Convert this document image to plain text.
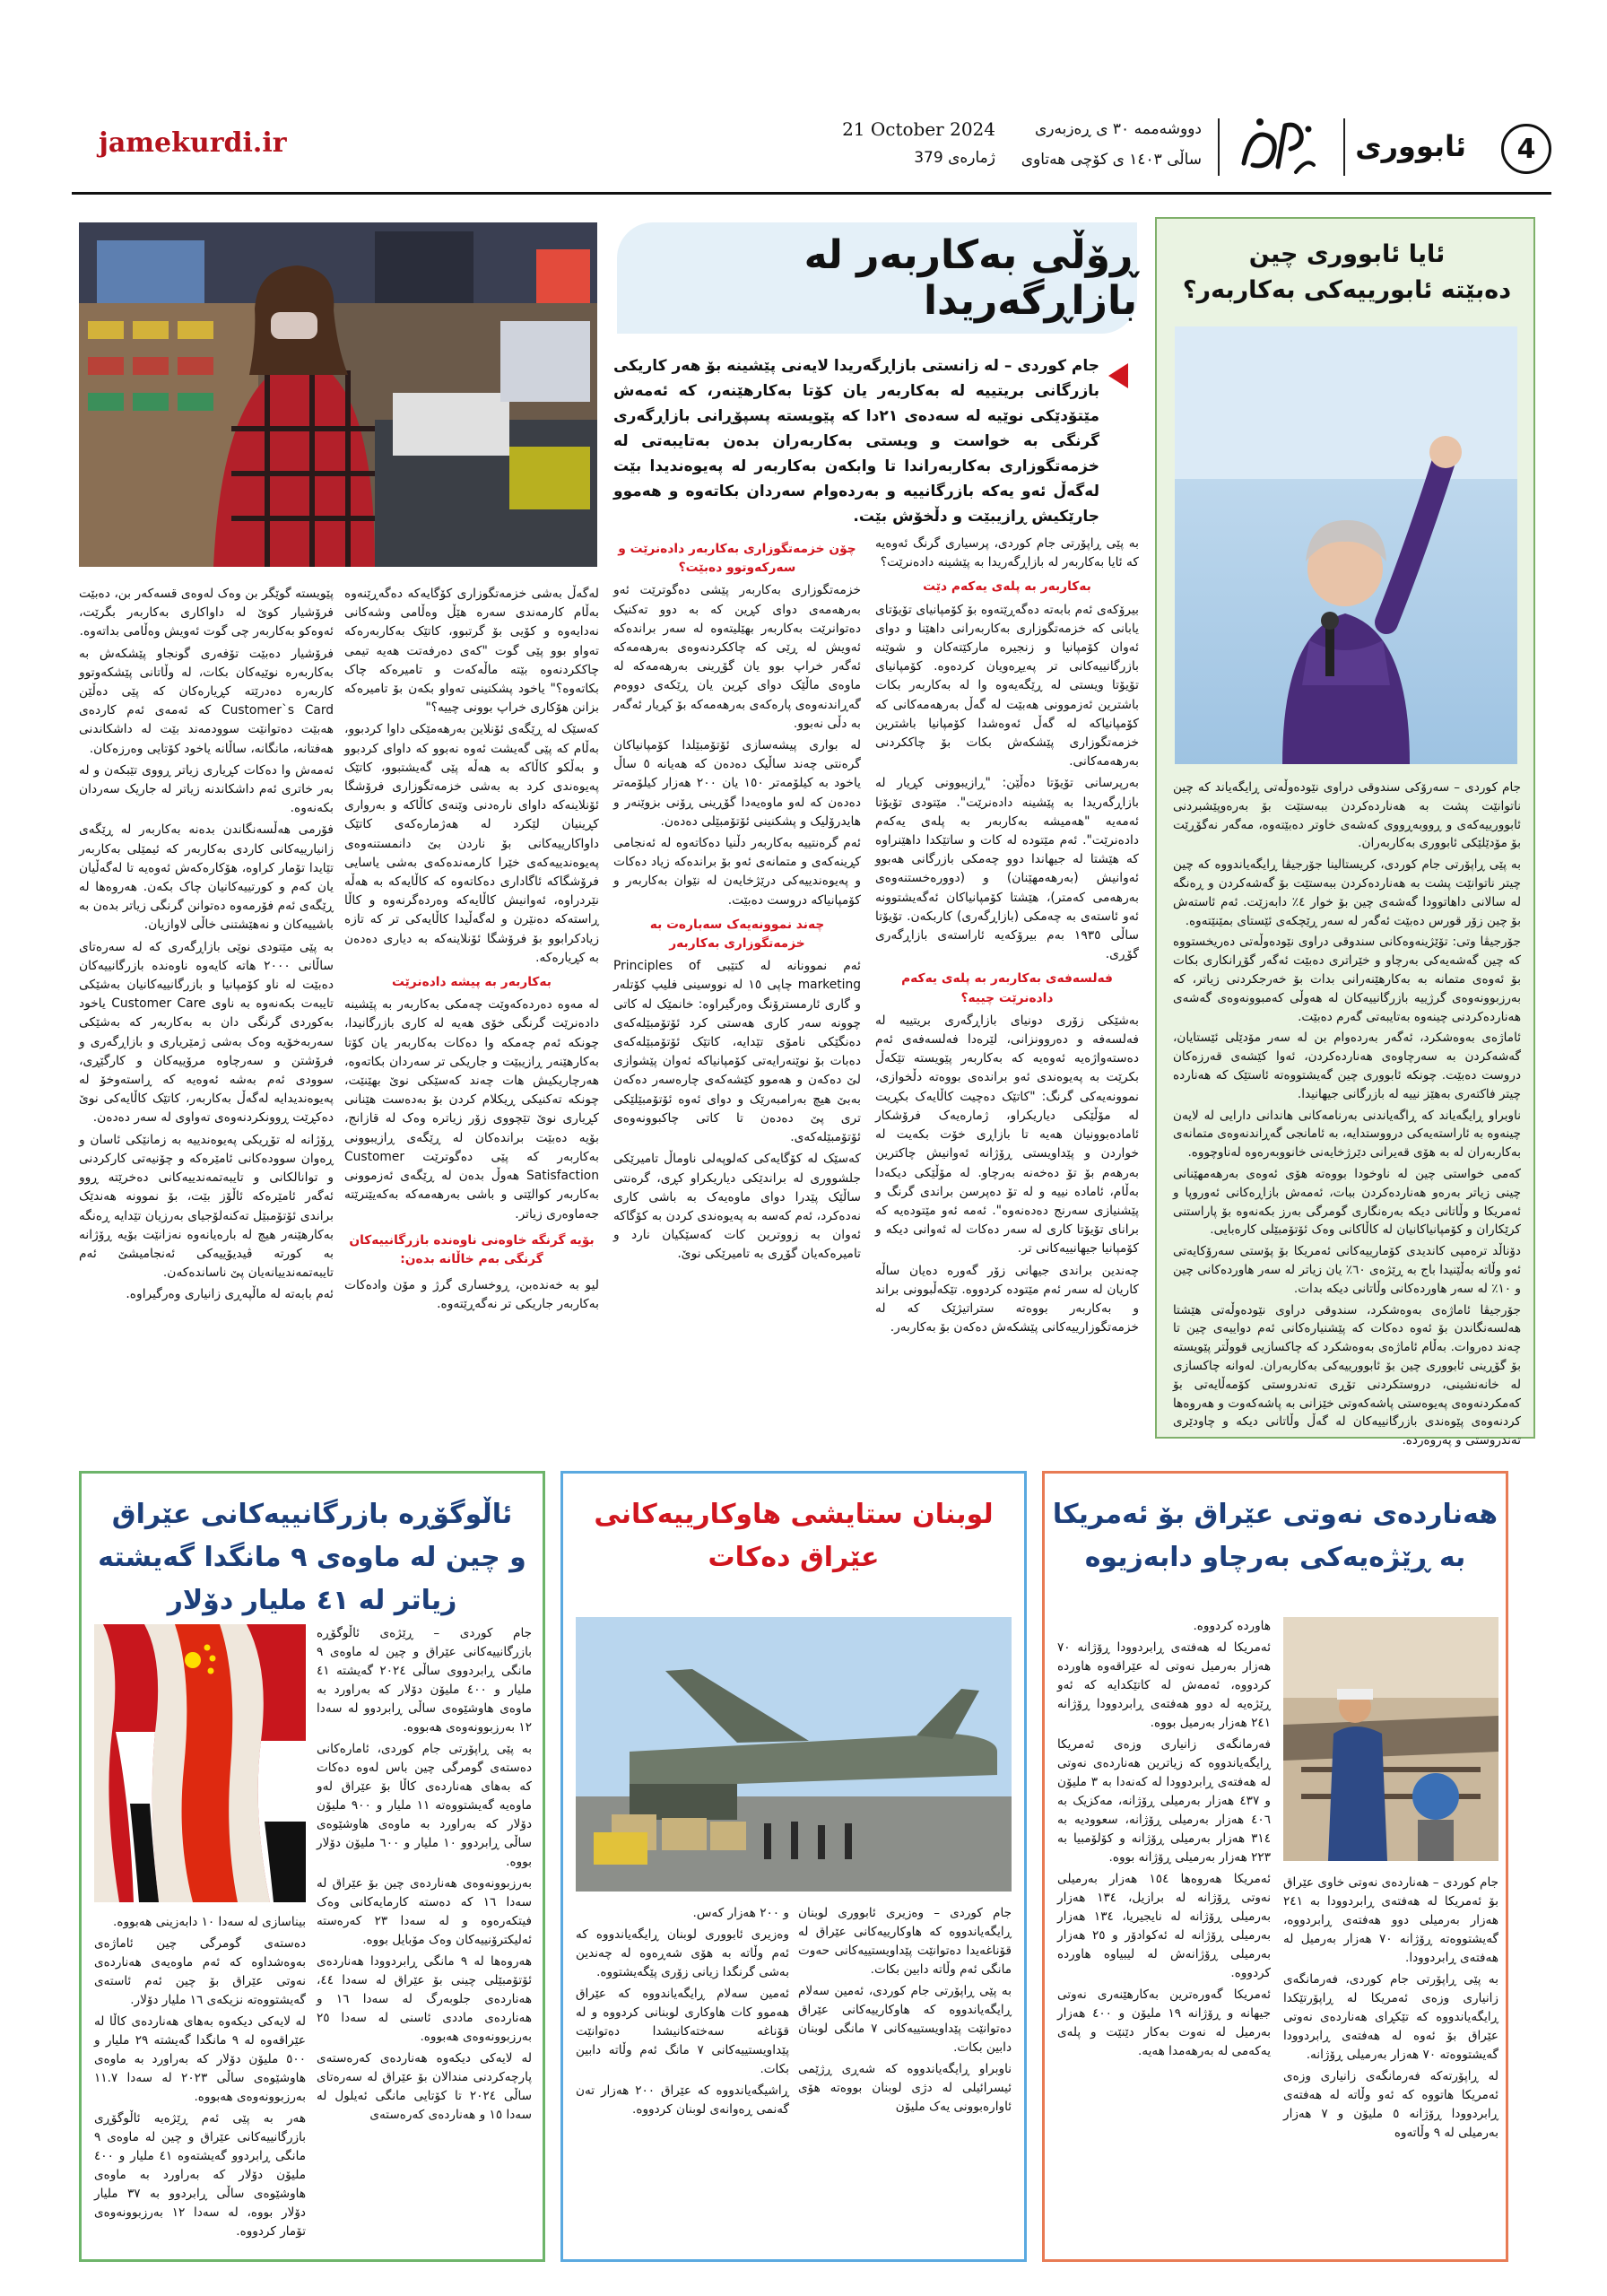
4
ئابووری
دووشەممە ٣٠ ی ڕەزبەری
ساڵی ١٤٠٣ ی کۆچی هەتاوی
21 October 2024
ژمارەی 379
jamekurdi.ir
ئایا ئابووری چین
دەبێتە ئابورییەکی بەکاربەر؟
جام کوردی – سەرۆکی سندوقی دراوی نێودەوڵەتی ڕایگەیاند کە چین ناتوانێت پشت بە هەناردەکردن ببەستێت بۆ بەرەوپێشبردنی ئابوورییەکەی و ڕووبەڕووی کەشەی خاوتر دەبێتەوە، مەگەر نەگۆڕێت بۆ مۆدێلێکی ئابووری بەکاربەران.
بە پێی ڕاپۆرتی جام کوردی، کریستالینا جۆرجیڤا ڕایگەیاندووە کە چین چیتر ناتوانێت پشت بە هەناردەکردن ببەستێت بۆ گەشەکردن و ڕەنگە لە سالانی داهاتوودا گەشەی چین بۆ خوار ٤٪ دابەزێت. ئەم ئاستەش بۆ چین زۆر قورس دەبێت ئەگەر لە سەر ڕێچکەی ئێستای بمێنێتەوە.
جۆرجیڤا وتی: تۆێژینەوەکانی سندوقی دراوی نێودەوڵەتی دەریخستووە کە چین گەشەیەکی بەرچاو و خێراتری دەبێت ئەگەر گۆڕانکاری بکات بۆ ئەوەی متمانە بە بەکارهێنەرانی بدات بۆ خەرجکردنی زیاتر، کە بەرزبوونەوەی گرژییە بازرگانییەکان لە هەوڵی کەمبوونەوەی گەشەی هەناردەکردنی چینەوە بەتایبەتی گەرم دەبێت.
ئاماژەی بەوەشکرد، ئەگەر بەردەوام بن لە سەر مۆدێلی ئێستایان، گەشەکردن بە سەرچاوەی هەناردەکردن، ئەوا کێشەی قەرزەکان دروست دەبێت. چونکە ئابووری چین گەیشتووەتە ئاستێک کە هەناردە چیتر فاکتەری بەهێز نییە لە بازرگانی جیهانیدا.
ناوبراو ڕایگەیاند کە ڕاگەیاندنی بەرنامەکانی هاندانی دارایی لە لایەن چینەوە بە ئاراستەیەکی درووستدایە، بە ئامانجی گەڕاندنەوەی متمانەی بەکاربەران لە بە هۆی قەیرانی دێرژخایەنی خانووبەرەوە لەناوچووە.
کەمی خواستی چین لە ناوخودا بووەتە هۆی ئەوەی بەرهەمهێنانی چینی زیاتر بەرەو هەناردەکردن ببات، ئەمەش بازاڕەکانی ئەوروپا و ئەمریکا و وڵاتانی دیکە بەرەنگاری گومرگی بەرز بکەنەوە بۆ پاراستنی کرێکاران و کۆمپانیاکانیان لە کاڵاکانی وەک ئۆتۆمبێلی کارەبایی.
دۆناڵد ترەمپی کاندیدی کۆمارییەکانی ئەمریکا بۆ پۆستی سەرۆکایەتی ئەو وڵاتە بەڵێنیدا باج بە ڕێژەی ٦٠٪ یان زیاتر لە سەر هاوردەکانی چین و ١٠٪ لە سەر هاوردەکانی وڵاتانی دیکە بدات.
جۆرجیڤا ئاماژەی بەوەشکرد، سندوقی دراوی نێودەوڵەتی هێشتا هەلسەنگاندن بۆ ئەوە دەکات کە پێشنیارەکانی ئەم دواییەی چین تا چەند دەروات. بەڵام ئاماژەی بەوەشکرد کە چاکسازیی قووڵتر پێویستە بۆ گۆڕینی ئابووری چین بۆ ئابوورییەکی بەکاربەران. لەوانە چاکسازی لە خانەنشینی، دروستکردنی تۆڕی تەندروستی کۆمەڵایەتی بۆ کەمکردنەوەی پەیوەستی پاشەکەوتی خێزانی بە پاشەکەوت و هەروەها کردنەوەی پێوەندی بازرگانییەکان لە گەڵ وڵاتانی دیکە و چاودێری تەندروستی و پەروەردە.
ڕۆڵی بەکاربەر لە بازاڕگەریدا
جام کوردی – لە زانستی بازاڕگەریدا لایەنی پێشینە بۆ هەر کاریکی بازرگانی بریتییە لە بەکاربەر یان کۆتا بەکارهێنەر، کە ئەمەش مێتۆدێکی نوێیە لە سەدەی ٢١دا کە پێویستە پسپۆڕانی بازاڕگەری گرنگی بە خواست و ویستی بەکاربەران بدەن بەتایبەتی لە خزمەتگوزاری بەکاربەراندا تا وابکەن بەکاربەر لە پەیوەندیدا بێت لەگەڵ ئەو یەکە بازرگانییە و بەردەوام سەردان بکاتەوە و هەموو جارێکیش ڕازیبێت و دڵخۆش بێت.
بە پێی ڕاپۆرتی جام کوردی، پرسیاری گرنگ ئەوەیە کە ئایا بەکاربەر لە بازاڕگەریدا بە پێشینە دادەنرێت؟
بەکاربەر بە پلەی یەکەم دێت
بیرۆکەی ئەم بابەتە دەگەڕێتەوە بۆ کۆمپانیای تۆیۆتای یابانی کە خزمەتگوزاری بەکاربەرانی داهێنا و دوای ئەوان کۆمپانیا و زنجیرە مارکێتەکان و شوێنە بازرگانییەکانی تر پەیڕەویان کردەوە. کۆمپانیای تۆیۆتا ویستی لە ڕێگەیەوە وا لە بەکاربەر بکات باشترین ئەزموونی هەبێت لە گەڵ بەرهەمەکانی کە کۆمپانیاکە لە گەڵ ئەوەشدا کۆمپانیا باشترین خزمەتگوزاری پێشکەش بکات بۆ چاککردنی بەرهەمەکانی.
بەرپرسانی تۆیۆتا دەڵێن: "ڕازیبوونی کڕیار لە بازاڕگەریدا بە پێشینە دادەنرێت". مێتودی تۆیۆتا ئەمەیە "هەمیشە بەکاربەر بە پلەی یەکەم دادەنرێت". ئەم مێتودە لە کات و ساتێکدا داهێنراوە کە هێشتا لە جیهاندا دوو چەمکی بازرگانی هەبوو ئەوانیش (بەرهەمهێنان) و (دوورەخستنەوەی بەرهەمی کەمتر)، هێشتا کۆمپانیاکان ئەگەیشتوونە ئەو ئاستەی بە چەمکی (بازاڕگەری) کاربکەن. تۆیۆتا ساڵی ١٩٣٥ بەم بیرۆکەیە ئاراستەی بازاڕگەری گۆڕی.
فەلسەفەی بەکاربەر بە پلەی یەکەم دادەنرێت چییە؟
بەشێکی زۆری دونیای بازاڕگەری بریتییە لە فەلسەفە و دەروونزانی، لێرەدا فەلسەفەی ئەم دەستەواژەیە ئەوەیە کە بەکاربەر پێویستە تێکەڵ بکرێت بە پەیوەندی ئەو براندەی بووەتە دڵخوازی، نموونەیەکی گرنگ: "کاتێک دەچیت کاڵایەک بکڕیت لە مۆڵێکی دیاریکراو، ژمارەیەک فرۆشکار ئامادەبوونیان هەیە تا بازاڕی خۆت بکەیت لە خواردن و پێداویستی ڕۆژانە ئەوانیش چاکترین بەرهەم بۆ تۆ دەخەنە بەرچاو. لە مۆڵێکی دیکەدا بەڵام، ئامادە نییە و لە تۆ دەپرسن براندی گرنگ و پێشنیازی سەرنج دەدەنەوە". ئەمە ئەو مێتودەیە کە برانای تۆیۆتا کاری لە سەر دەکات لە ئەوانی دیکە و کۆمپانیا جیهانییەکانی تر.
چەندین براندی جیهانی زۆر گەورە دەیان ساڵە کاریان لە سەر ئەم مێتودە کردووە. تێکەڵبوونی براند و بەکاربەر بووەتە ستراتیژێک کە لە خزمەتگوزارییەکانی پێشکەش دەکەن بۆ بەکاربەر.
چۆن خزمەتگوزاری بەکاربەر دادەنرێت و سەرکەوتوو دەبێت؟
خزمەتگوزاری بەکاربەر پێشی دەگوترێت ئەو بەرهەمەی دوای کڕین کە بە دوو تەکنیک دەتوانرێت بەکاربەر بهێلیتەوە لە سەر براندەکە ئەویش لە ڕێی کە چاککردنەوەی بەرهەمەکە ئەگەر خراپ بوو یان گۆڕینی بەرهەمەکە لە ماوەی ماڵێک دوای کڕین یان ڕێکەی دووەم گەڕاندنەوەی پارەکەی بەرهەمەکە بۆ کڕیار ئەگەر بە دڵی نەبوو.
لە بواری پیشەسازی ئۆتۆمبێلدا کۆمپانیاکان گرەنتی چەند ساڵیک دەدەن کە هەیانە ٥ ساڵ یاخود بە کیلۆمەتر ١٥٠ یان ٢٠٠ هەزار کیلۆمەتر دەدەن کە لەو ماوەیەدا گۆڕینی ڕۆنی بزوێنەر و هایدرۆلیک و پشکنینی ئۆتۆمبێلی دەدەن.
ئەم گرەنتییە بەکاربەر دڵنیا دەکاتەوە لە ئەنجامی کڕینەکەی و متمانەی ئەو بۆ براندەکە زیاد دەکات و پەیوەندییەکی درێژخایەن لە نێوان بەکاربەر و کۆمپانیاکە دروست دەبێت.
چەند نموونەیەک سەبارەت بە خزمەتگوزاری بەکاربەر
ئەم نموونانە لە کتێبی Principles of marketing چاپی ١٥ لە نووسینی فلیپ کۆتلەر و گاری ئارمسترۆنگ وەرگیراوە: خانمێک لە کاتی چوونە سەر کاری هەستی کرد ئۆتۆمبێلەکەی دەنگێکی نامۆی تێدایە، کاتێک ئۆتۆمبێلەکەی دەبات بۆ نوێنەرایەتی کۆمپانیاکە ئەوان پێشوازی لێ دەکەن و هەموو کێشەکەی چارەسەر دەکەن بەبێ هیچ بەرامبەرێک و دوای ئەوە ئۆتۆمبێلێکی تری پێ دەدەن تا کاتی چاکبوونەوەی ئۆتۆمبێلەکەی.
کەسێک لە کۆگایەکی کەلوپەلی ناوماڵ تامیرێکی جلشووری لە براندێکی دیاریکراو کڕی، گرەنتی ساڵێک پێدرا دوای ماوەیەک بە باشی کاری نەدەکرد، ئەم کەسە بە پەیوەندی کردن بە کۆگاکە ئەوان بە زووترین کات کەسێکیان نارد و تامیرەکەیان گۆڕی بە تامیرێکی نوێ.
لەگەڵ بەشی خزمەتگوزاری کۆگایەکە دەگەڕێنەوە بەڵام کارمەندی سەرە هێڵ وەڵامی وشەکانی نەدایەوە و کۆیی بۆ گرتبوو، کاتێک بەکاربەرەکە تەواو بوو پێی گوت "کەی دەرفەتت هەیە تیمی چاککردنەوە بێتە ماڵەکەت و تامیرەکە چاک بکاتەوە؟" یاخود پشکنینی تەواو بکەن بۆ تامیرەکە بزانن هۆکاری خراپ بوونی چییە؟"
کەسێک لە ڕێگەی ئۆنلاین بەرهەمێکی داوا کردبوو، بەڵام کە پێی گەیشت ئەوە نەبوو کە داوای کردبوو و بەڵکو کاڵاکە بە هەڵە پێی گەیشتبوو، کاتێک پەیوەندی کرد بە بەشی خزمەتگوزاری فرۆشگا ئۆنلاینەکە داوای نارەدنی وێنەی کاڵاکە و بەرواری کڕینیان لێکرد لە هەژمارەکەی کاتێک داواکارییەکانی بۆ ناردن بێ دانمستنەوەی پەیوەندییەکەی خێرا کارمەندەکەی بەشی یاسایی فرۆشگاکە ئاگاداری دەکاتەوە کە کاڵایەکە بە هەڵە نێردراوە، ئەوانیش کاڵایەکە وەردەگرنەوە و کاڵا ڕاستەکە دەنێرن و لەگەڵیدا کاڵایەکی تر کە تازە زیادکرابوو بۆ فرۆشگا ئۆنلاینەکە بە دیاری دەدەن بە کڕیارەکە.
بەکاربەر بە پیشە دادەنرێت
لە مەوە دەردەکەوێت چەمکی بەکاربەر بە پێشینە دادەنرێت گرنگی خۆی هەیە لە کاری بازرگانیدا، چونکە ئەم چەمکە وا دەکات بەکاربەر یان کۆتا بەکارهێنەر ڕازیبێت و جاریکی تر سەردان بکاتەوە، هەرچاریکیش هات چەند کەسێکی نوێ بهێنێت، چونکە تەکنیکی ڕیکلام کردن بۆ بەدەست هێنانی کڕیاری نوێ تێچووی زۆر زیاترە وەک لە قازانج، بۆیە دەبێت براندەکان لە ڕێگەی ڕازیبوونی بەکاربەر کە پێی دەگوترێت Customer Satisfaction هەوڵ بدەن لە ڕێگەی ئەزموونی بەکاربەر کوالێتی و باشی بەرهەمەکە بەکەیێنرێتە جەماوەری زیاتر.
بۆیە گرنگە خاوەنی ناوەندە بازرگانییەکان گرنگی بەم خاڵانە بدەن:
لیو بە خەندەبن، ڕوخساری گرژ و مۆن وادەکات بەکاربەر جاریکی تر نەگەڕێتەوە.
پێویستە گوێگر بن وەک لەوەی قسەکەر بن، دەبێت فرۆشیار کوێ لە داواکاری بەکاربەر بگرێت، ئەوەکو بەکاربەر چی گوت ئەویش وەڵامی بداتەوە.
فرۆشیار دەبێت تۆفەری گونجاو پێشکەش بە بەکاربەرە نوێیەکان بکات، لە وڵاتانی پێشکەوتوو کاربەرە دەدرێتە کڕیارەکان کە پێی دەڵێن Customer`s Card کە ئەمەی ئەم کاردەی هەبێت دەتوانێت سوودمەند بێت لە داشکاندنی هەفتانە، مانگانە، ساڵانە یاخود کۆتایی وەرزەکان.
ئەمەش وا دەکات کڕیاری زیاتر ڕووی تێبکەن و لە بەر خاتری ئەم داشکاندنە زیاتر لە جاریک سەردان بکەنەوە.
فۆرمی هەڵسەنگاندن بدەنە بەکاربەر لە ڕێگەی زانیارییەکانی کاردی بەکاربەر کە ئیمێلی بەکاربەر تێایدا تۆمار کراوە، هۆکارەکەش ئەوەیە تا لەگەڵیان یان کەم و کورتییەکانیان چاک بکەن. هەروەها لە ڕێگەی ئەم فۆرمەوە دەتوانن گرنگی زیاتر بدەن بە باشییەکان و نەهێشتنی خاڵی لاوازیان.
بە پێی مێتودی نوێی بازاڕگەری کە لە سەرەتای ساڵانی ٢٠٠٠ هاتە کایەوە ناوەندە بازرگانییەکان دەبێت لە ناو کۆمپانیا و بازرگانییەکانیان بەشێکی تایبەت بکەنەوە بە ناوی Customer Care یاخود بەکوردی گرنگی دان بە بەکاربەر کە بەشێکی سەربەخۆیە وەک بەشی ژمێریاری و بازاڕگەری و فرۆشتن و سەرچاوە مرۆییەکان و کارگێڕی، سوودی ئەم بەشە ئەوەیە کە ڕاستەوخۆ لە پەیوەندیدایە لەگەڵ بەکاربەر، کاتێک کاڵایەکی نوێ دەکڕێت ڕوونکردنەوەی تەواوی لە سەر دەدەن.
ڕۆژانە لە تۆڕیکی پەیوەندییە بە زمانێکی ئاسان و ڕەوان سوودەکانی ئامێرەکە و چۆنیەتی کارکردنی و توانالکانی و تایبەتمەندییەکانی دەخرێتە ڕوو ئەگەر ئامێرەکە ئاڵۆز بێت، بۆ نموونە هەندێک براندی ئۆتۆمبێل تەکنەلۆجیای بەرزیان تێدایە ڕەنگە بەکارهێنەر هیچ لە بارەیانەوە نەزانێت بۆیە ڕۆژانە بە کورتە ڤیدیۆییەکی ئەنجامیشێ ئەم تایبەتمەندییانەیان پێ ناساندەکەن.
ئەم بابەتە لە ماڵپەڕی زانیاری وەرگیراوە.
هەناردەی نەوتی عێراق بۆ ئەمریکا
بە ڕێژەیەکی بەرچاو دابەزیوە
جام کوردی – هەناردەی نەوتی خاوی عێراق بۆ ئەمریکا لە هەفتەی ڕابردوودا بە ٢٤١ هەزار بەرمیلی دوو هەفتەی ڕابردووە، گەیشتووەتە ڕۆژانە ٧٠ هەزار بەرمیل لە هەفتەی ڕابردوودا.
بە پێی ڕاپۆرتی جام کوردی، فەرمانگەی زانیاری وزەی ئەمریکا لە ڕاپۆرتێکدا ڕایگەیاندووە کە تێکڕای هەناردەی نەوتی عێراق بۆ ئەوە لە هەفتەی ڕابردوودا گەیشتووەتە ٧٠ هەزار بەرمیلی ڕۆژانە.
لە ڕاپۆرتەکە فەرمانگەی زانیاری وزەی ئەمریکا هاتووە کە ئەو وڵاتە لە هەفتەی ڕابردوودا ڕۆژانە ٥ ملیۆن و ٧ هەزار بەرمیلی لە ٩ وڵاتەوە
هاوردە کردووە.
ئەمریکا لە هەفتەی ڕابردوودا ڕۆژانە ٧٠ هەزار بەرمیل نەوتی لە عێراقەوە هاوردە کردووە، ئەمەش لە کاتێکدایە کە ئەو ڕێژەیە لە دوو هەفتەی ڕابردوودا ڕۆژانە ٢٤١ هەزار بەرمیل بووە.
فەرمانگەی زانیاری وزەی ئەمریکا ڕایگەیاندووە کە زیاترین هەناردەی نەوتی لە هەفتەی ڕابردوودا لە کەنەدا بە ٣ ملیۆن و ٤٣٧ هەزار بەرمیلی ڕۆژانە، مەکزیک بە ٤٠٦ هەزار بەرمیلی ڕۆژانە، سعوودیە بە ٣١٤ هەزار بەرمیلی ڕۆژانە و کۆلۆمبیا بە ٢٢٣ هەزار بەرمیلی ڕۆژانە بووە.
ئەمریکا هەروەها ١٥٤ هەزار بەرمیلی نەوتی ڕۆژانە لە برازیل، ١٣٤ هەزار بەرمیلی ڕۆژانە لە نایجیریا، ١٣٤ هەزار بەرمیلی ڕۆژانە لە ئەکوادۆر و ٢٥ هەزار بەرمیلی ڕۆژانەش لە لیبیاوە هاوردە کردووە.
ئەمریکا گەورەترین بەکارهێنەری نەوتی جیهانە و ڕۆژانە ١٩ ملیۆن و ٤٠٠ هەزار بەرمیل لە نەوت بەکار دێنێت و پلەی یەکەمی لە بەرهەمدا هەیە.
لوبنان ستایشی هاوکارییەکانی
عێراق دەکات
جام کوردی – وەزیری ئابووری لوبنان ڕایگەیاندووە کە هاوکارییەکانی عێراق لە قۆناغەیدا دەتوانێت پێداویستییەکانی حەوت مانگی ئەم وڵاتە دابین بکات.
بە پێی ڕاپۆرتی جام کوردی، ئەمین سەلام ڕایگەیاندووە کە هاوکارییەکانی عێراق دەتوانێت پێداویستییەکانی ٧ مانگی لوبنان دابین بکات.
ناوبراو ڕایگەیاندووە کە شەڕی ڕژێمی ئیسرائیلی لە دژی لوبنان بووەتە هۆی ئاوارەبوونی یەک ملیۆن
و ٢٠٠ هەزار کەس.
وەزیری ئابووری لوبنان ڕایگەیاندووە کە ئەم وڵاتە بە هۆی شەڕەوە لە چەندین بەشی گرنگدا زیانی زۆری پێگەیشتووە.
ئەمین سەلام ڕایگەیاندووە کە عێراق هەموو کات هاوکاری لوبنانی کردووە و لە قۆناغە سەختەکانیشدا دەتوانێت پێداویستییەکانی ٧ مانگ ئەم وڵاتە دابین بکات.
ڕاشیگەیاندووە کە عێراق ٢٠٠ هەزار تەن گەنمی ڕەوانەی لوبنان کردووە.
ئاڵوگۆڕە بازرگانییەکانی عێراق
و چین لە ماوەی ٩ مانگدا گەیشتە
زیاتر لە ٤١ ملیار دۆلار
جام کوردی – ڕێژەی ئاڵوگۆڕە بازرگانییەکانی عێراق و چین لە ماوەی ٩ مانگی ڕابردووی ساڵی ٢٠٢٤ گەیشتە ٤١ ملیار و ٤٠٠ ملیۆن دۆلار کە بەراورد بە ماوەی هاوشێوەی ساڵی ڕابردوو لە سەدا ١٢ بەرزبوونەوەی هەبووە.
بە پێی ڕاپۆرتی جام کوردی، ئامارەکانی دەستەی گومرگی چین باس لەوە دەکات کە بەهای هەناردەی کاڵا بۆ عێراق لەو ماوەیە گەیشتووەتە ١١ ملیار و ٩٠٠ ملیۆن دۆلار کە بەراورد بە ماوەی هاوشێوەی ساڵی ڕابردوو ١٠ ملیار و ٦٠٠ ملیۆن دۆلار بووە.
بەرزبوونەوەی هەناردەی چین بۆ عێراق لە سەدا ١٦ کە دەستە کارمایەکانی وەک فیتکەرەوە و لە سەدا ٢٣ کەرەستە ئەلیکترۆنییەکان وەک مۆبایل بووە.
هەروەها لە ٩ مانگی ڕابردوودا هەناردەی ئۆتۆمبێلی چینی بۆ عێراق لە سەدا ٤٤، هەناردەی جلوبەرگ لە سەدا ١٦ و هەناردەی ماددی ئاسنی لە سەدا ٢٥ بەرزبوونەوەی هەبووە.
لە لایەکی دیکەوە هەناردەی کەرەستەی پارچەکردنی مندالان بۆ عێراق لە سەرەتای ساڵی ٢٠٢٤ تا کۆتایی مانگی ئەیلول لە سەدا ١٥ و هەناردەی کەرەستەی
بیناسازی لە سەدا ١٠ دابەزینی هەبووە.
دەستەی گومرگی چین ئاماژەی بەوەشداوە کە ئەم ماوەیەی هەناردەی نەوتی عێراق بۆ چین ئەم ئاستەی گەیشتووەتە نزیکەی ١٦ ملیار دۆلار.
لە لایەکی دیکەوە بەهای هەناردەی کاڵا لە عێراقەوە لە ٩ مانگدا گەیشتە ٢٩ ملیار و ٥٠٠ ملیۆن دۆلار کە بەراورد بە ماوەی هاوشێوەی ساڵی ٢٠٢٣ لە سەدا ١١.٧ بەرزبوونەوەی هەبووە.
هەر بە پێی ئەم ڕێژەیە ئاڵوگۆڕی بازرگانییەکانی عێراق و چین لە ماوەی ٩ مانگی ڕابردوو گەیشتەوە ٤١ ملیار و ٤٠٠ ملیۆن دۆلار کە بەراورد بە ماوەی هاوشێوەی ساڵی ڕابردوو بە ٣٧ ملیار دۆلار بووە، لە سەدا ١٢ بەرزبوونەوەی تۆمار کردووە.
